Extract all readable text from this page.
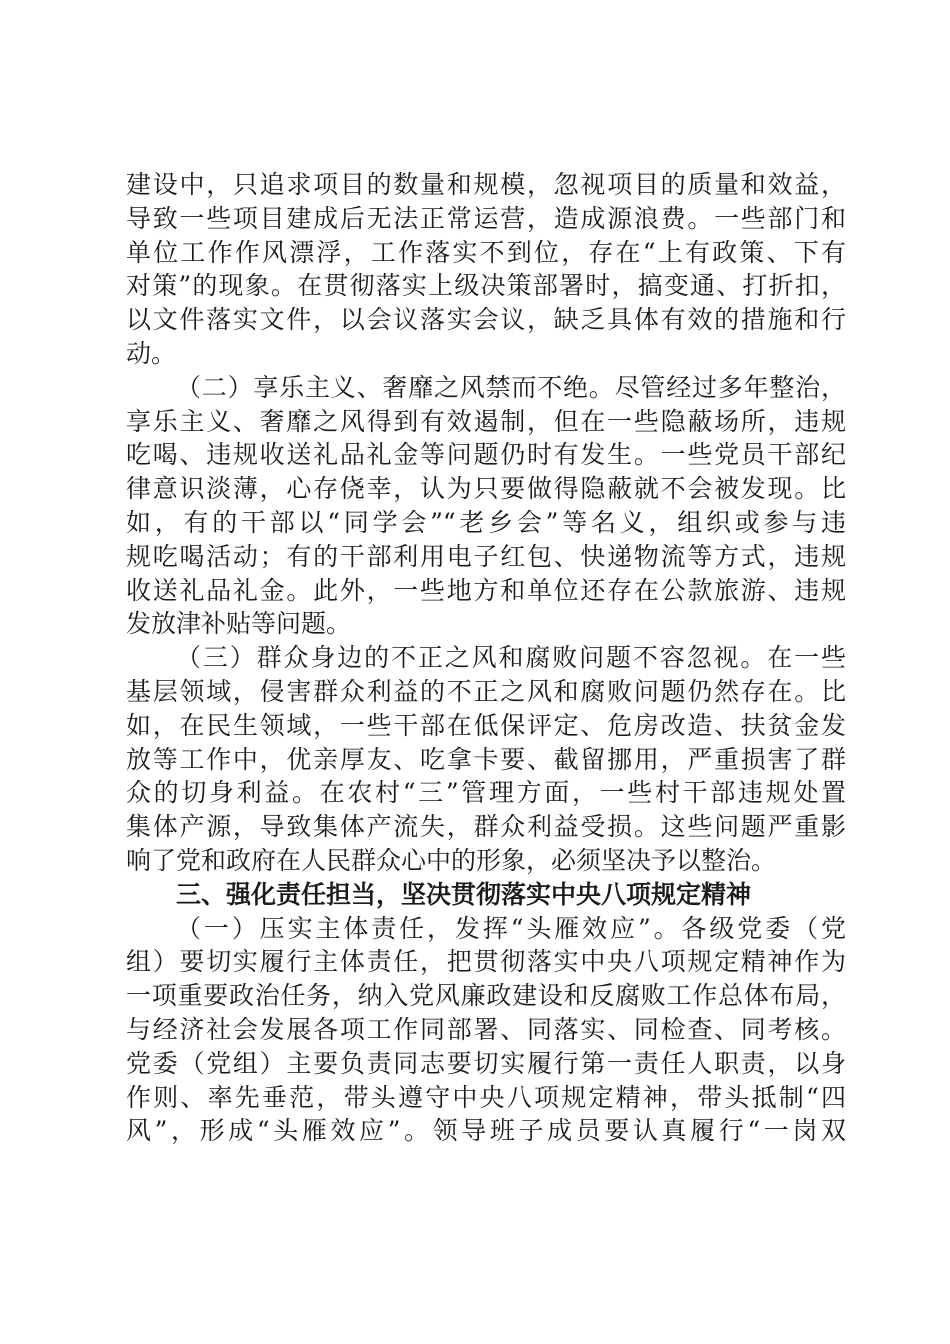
建设中，只追求项目的数量和规模，忽视项目的质量和效益，
导致一些项目建成后无法正常运营，造成源浪费。一些部门和
单位工作作风漂浮，工作落实不到位，存在“上有政策、下有
对策”的现象。在贯彻落实上级决策部署时，搞变通、打折扣，
以文件落实文件，以会议落实会议，缺乏具体有效的措施和行
动。
（二）享乐主义、奢靡之风禁而不绝。尽管经过多年整治，
享乐主义、奢靡之风得到有效遏制，但在一些隐蔽场所，违规
吃喝、违规收送礼品礼金等问题仍时有发生。一些党员干部纪
律意识淡薄，心存侥幸，认为只要做得隐蔽就不会被发现。比
如，有的干部以“同学会”“老乡会”等名义，组织或参与违
规吃喝活动；有的干部利用电子红包、快递物流等方式，违规
收送礼品礼金。此外，一些地方和单位还存在公款旅游、违规
发放津补贴等问题。
（三）群众身边的不正之风和腐败问题不容忽视。在一些
基层领域，侵害群众利益的不正之风和腐败问题仍然存在。比
如，在民生领域，一些干部在低保评定、危房改造、扶贫金发
放等工作中，优亲厚友、吃拿卡要、截留挪用，严重损害了群
众的切身利益。在农村“三”管理方面，一些村干部违规处置
集体产源，导致集体产流失，群众利益受损。这些问题严重影
响了党和政府在人民群众心中的形象，必须坚决予以整治。
三、强化责任担当，坚决贯彻落实中央八项规定精神
（一）压实主体责任，发挥“头雁效应”。各级党委（党
组）要切实履行主体责任，把贯彻落实中央八项规定精神作为
一项重要政治任务，纳入党风廉政建设和反腐败工作总体布局，
与经济社会发展各项工作同部署、同落实、同检查、同考核。
党委（党组）主要负责同志要切实履行第一责任人职责，以身
作则、率先垂范，带头遵守中央八项规定精神，带头抵制“四
风”，形成“头雁效应”。领导班子成员要认真履行“一岗双
